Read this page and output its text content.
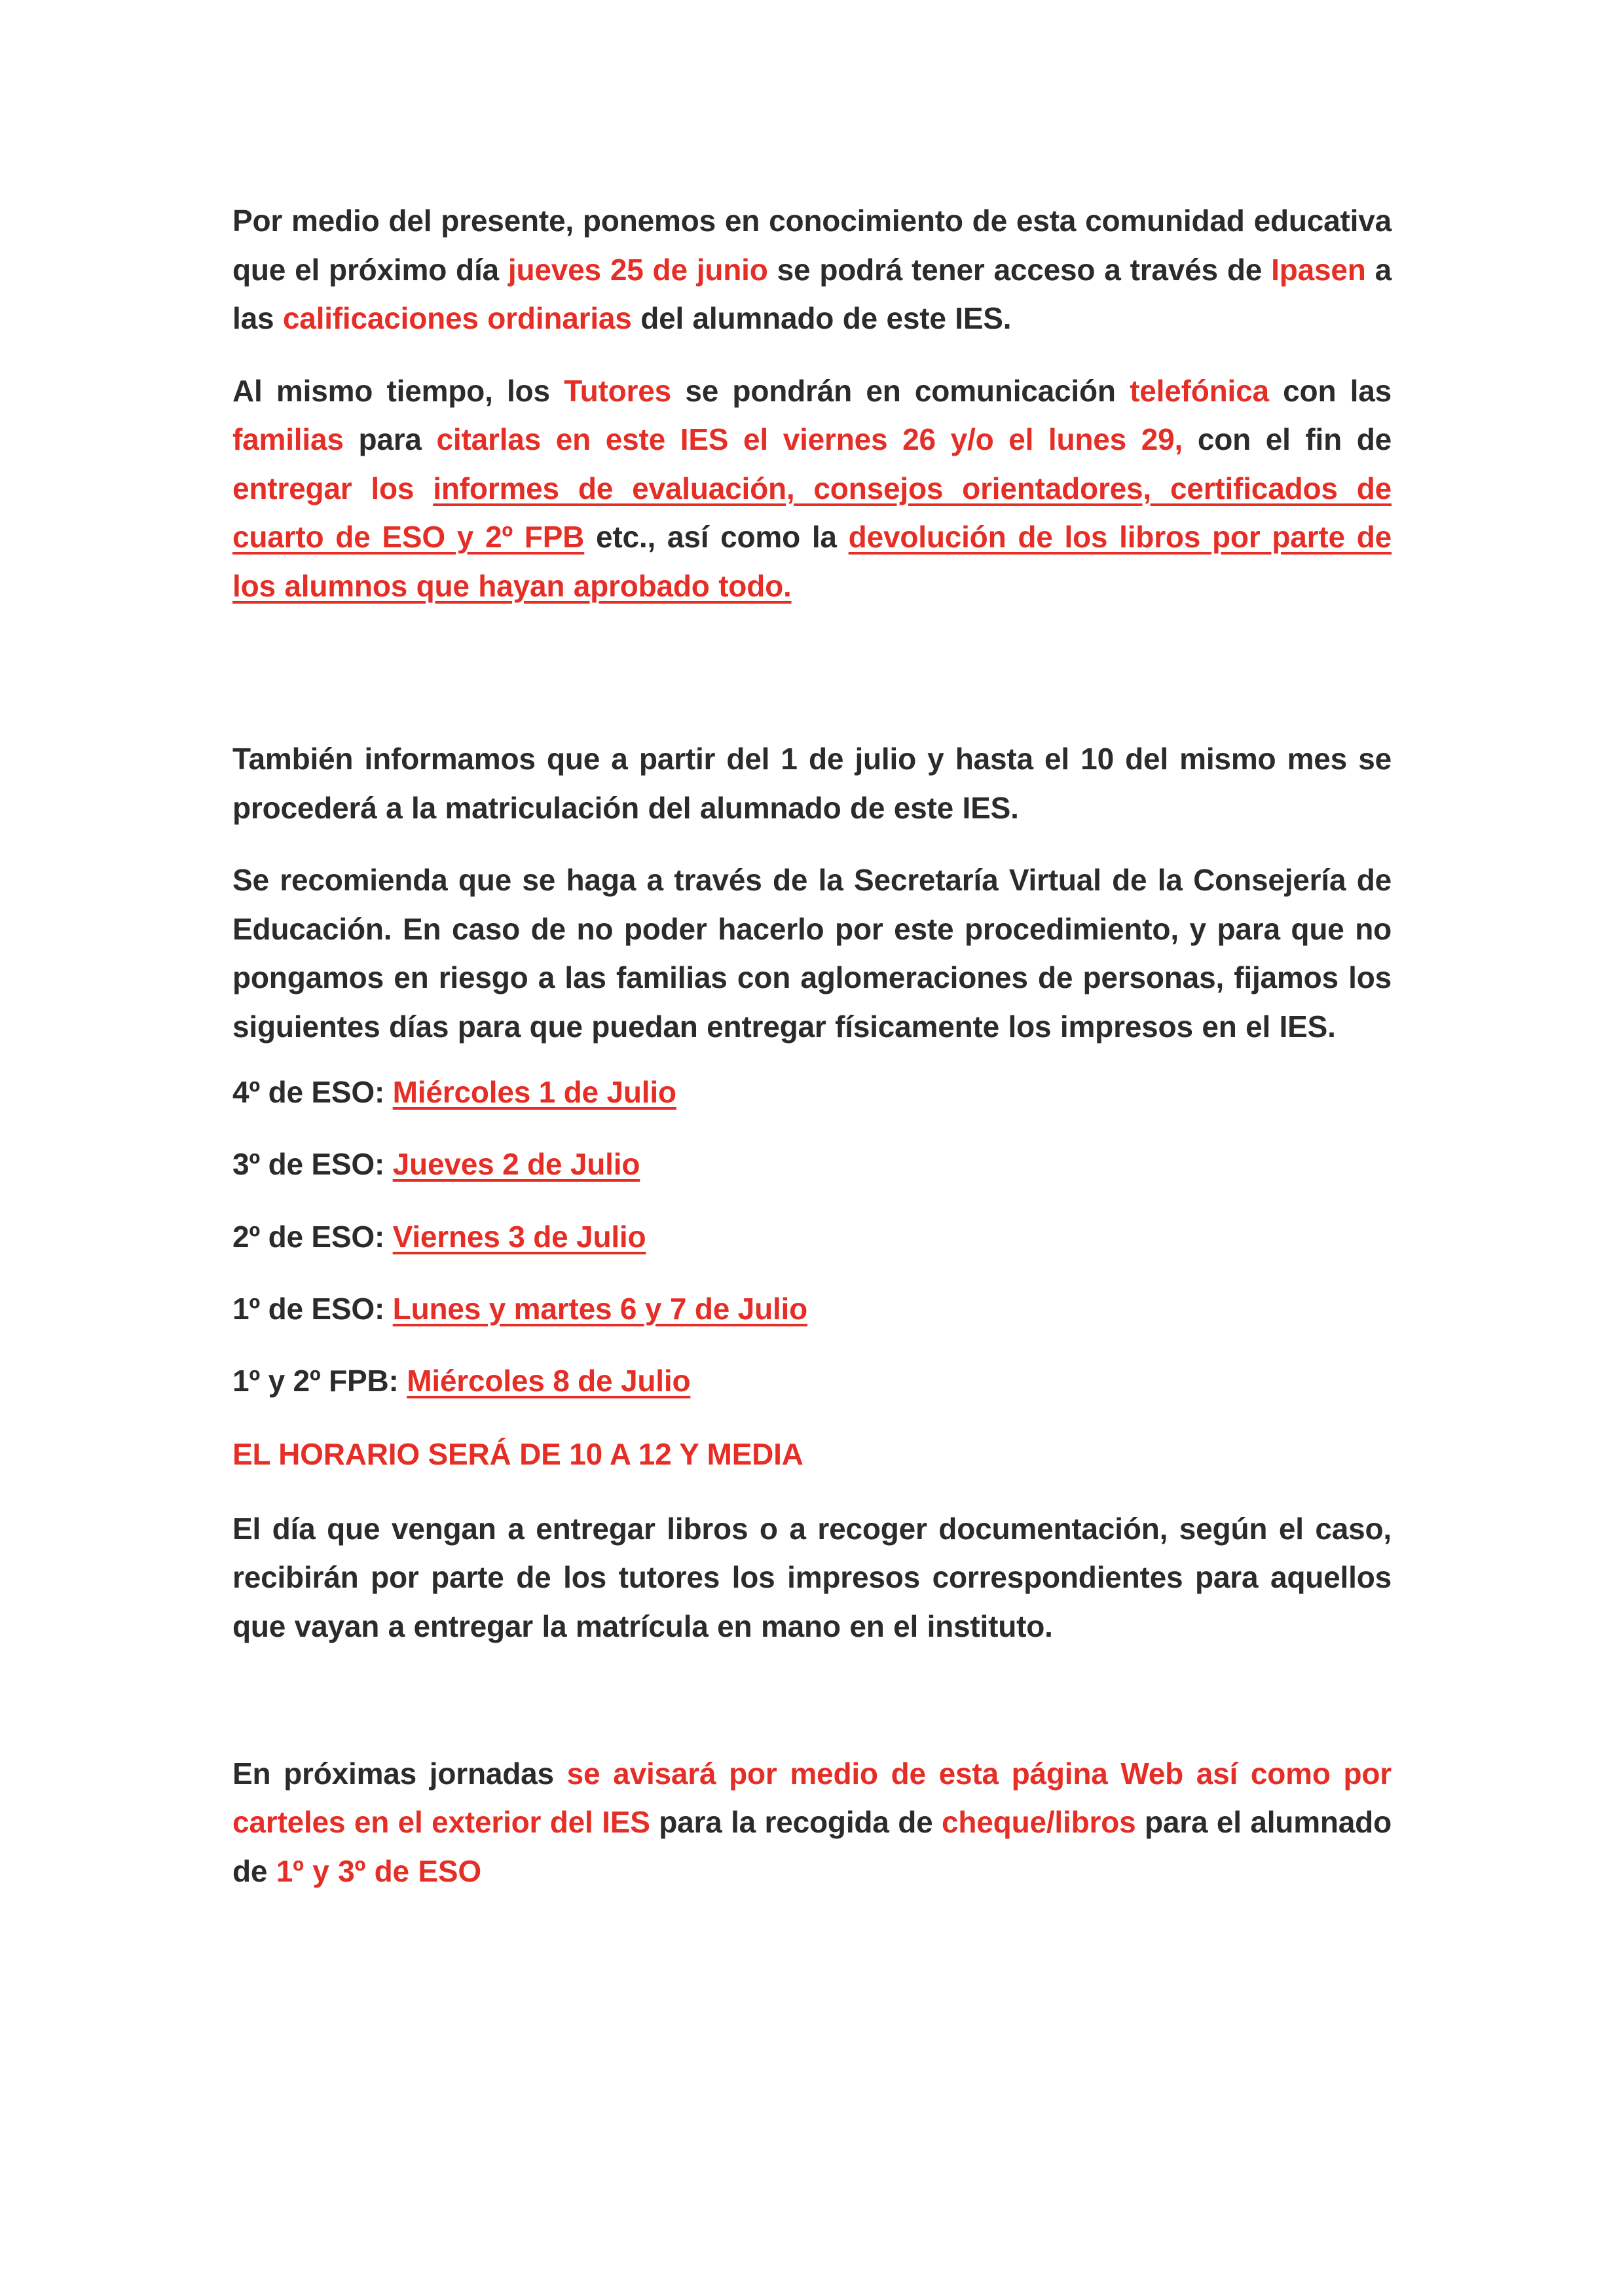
Por medio del presente, ponemos en conocimiento de esta comunidad educativa que el próximo día jueves 25 de junio se podrá tener acceso a través de Ipasen a las calificaciones ordinarias del alumnado de este IES.

Al mismo tiempo, los Tutores se pondrán en comunicación telefónica con las familias para citarlas en este IES el viernes 26 y/o el lunes 29, con el fin de entregar los informes de evaluación, consejos orientadores, certificados de cuarto de ESO y 2º FPB etc., así como la devolución de los libros por parte de los alumnos que hayan aprobado todo.

También informamos que a partir del 1 de julio y hasta el 10 del mismo mes se procederá a la matriculación del alumnado de este IES.

Se recomienda que se haga a través de la Secretaría Virtual de la Consejería de Educación. En caso de no poder hacerlo por este procedimiento, y para que no pongamos en riesgo a las familias con aglomeraciones de personas, fijamos los siguientes días para que puedan entregar físicamente los impresos en el IES.

4º de ESO: Miércoles 1 de Julio
3º de ESO: Jueves 2 de Julio
2º de ESO: Viernes 3 de Julio
1º de ESO: Lunes y martes 6 y 7 de Julio
1º y 2º FPB: Miércoles 8 de Julio
EL HORARIO SERÁ DE 10 A 12 Y MEDIA

El día que vengan a entregar libros o a recoger documentación, según el caso, recibirán por parte de los tutores los impresos correspondientes para aquellos que vayan a entregar la matrícula en mano en el instituto.

En próximas jornadas se avisará por medio de esta página Web así como por carteles en el exterior del IES para la recogida de cheque/libros para el alumnado de 1º y 3º de ESO
